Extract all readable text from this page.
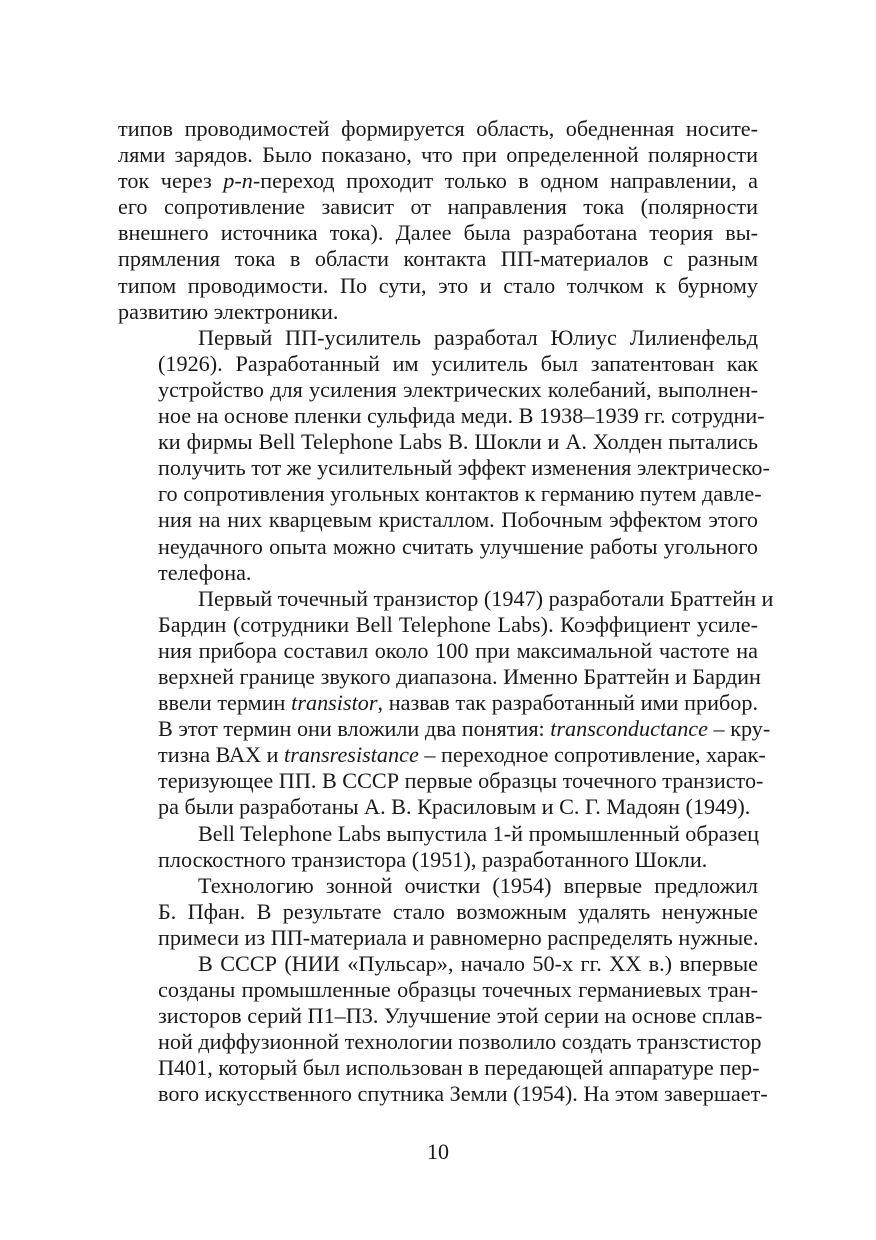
типов проводимостей формируется область, обедненная носите-
лями зарядов. Было показано, что при определенной полярности
ток через p-n-переход проходит только в одном направлении, а
его сопротивление зависит от направления тока (полярности
внешнего источника тока). Далее была разработана теория вы-
прямления тока в области контакта ПП-материалов с разным
типом проводимости. По сути, это и стало толчком к бурному
развитию электроники.
Первый ПП-усилитель разработал Юлиус Лилиенфельд
(1926). Разработанный им усилитель был запатентован как
устройство для усиления электрических колебаний, выполнен-
ное на основе пленки сульфида меди. В 1938–1939 гг. сотрудни-
ки фирмы Bell Telephone Labs В. Шокли и А. Холден пытались
получить тот же усилительный эффект изменения электрическо-
го сопротивления угольных контактов к германию путем давле-
ния на них кварцевым кристаллом. Побочным эффектом этого
неудачного опыта можно считать улучшение работы угольного
телефона.
Первый точечный транзистор (1947) разработали Браттейн и
Бардин (сотрудники Bell Telephone Labs). Коэффициент усиле-
ния прибора составил около 100 при максимальной частоте на
верхней границе звукого диапазона. Именно Браттейн и Бардин
ввели термин transistor, назвав так разработанный ими прибор.
В этот термин они вложили два понятия: transconductance – кру-
тизна ВАХ и transresistance – переходное сопротивление, харак-
теризующее ПП. В СССР первые образцы точечного транзисто-
ра были разработаны А. В. Красиловым и С. Г. Мадоян (1949).
Bell Telephone Labs выпустила 1-й промышленный образец
плоскостного транзистора (1951), разработанного Шокли.
Технологию зонной очистки (1954) впервые предложил
Б. Пфан. В результате стало возможным удалять ненужные
примеси из ПП-материала и равномерно распределять нужные.
В СССР (НИИ «Пульсар», начало 50-х гг. XX в.) впервые
созданы промышленные образцы точечных германиевых тран-
зисторов серий П1–П3. Улучшение этой серии на основе сплав-
ной диффузионной технологии позволило создать транзстистор
П401, который был использован в передающей аппаратуре пер-
вого искусственного спутника Земли (1954). На этом завершает-
10
